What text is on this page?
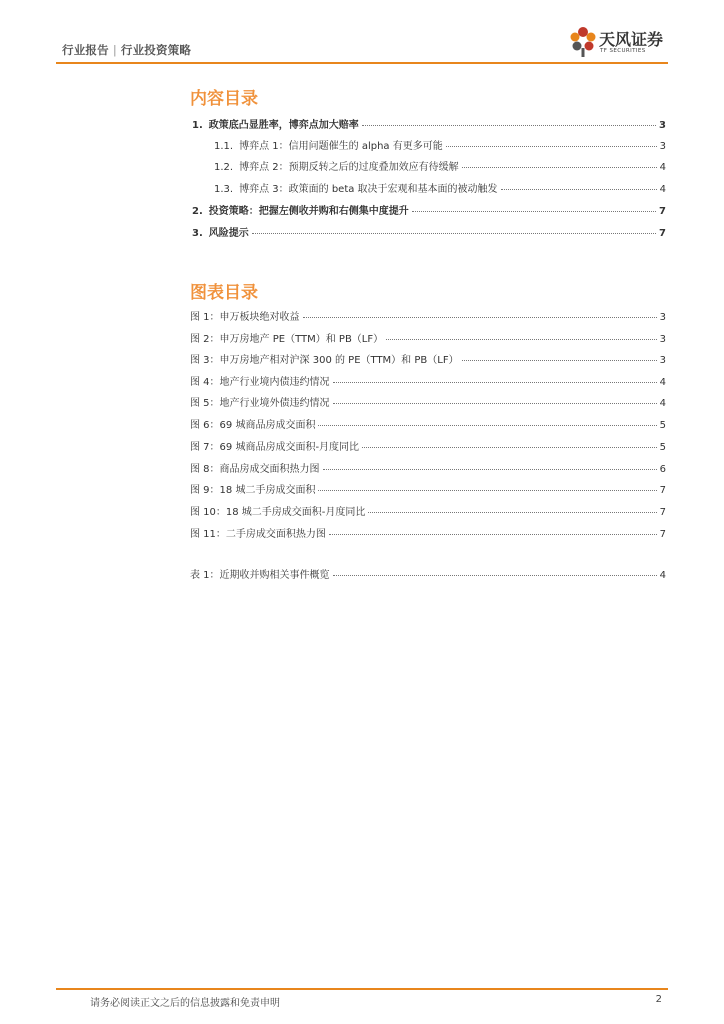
行业报告 | 行业投资策略
天风证券
TF SECURITIES
内容目录
1. 政策底凸显胜率，博弈点加大赔率	3
1.1. 博弈点 1：信用问题催生的 alpha 有更多可能	3
1.2. 博弈点 2：预期反转之后的过度叠加效应有待缓解	4
1.3. 博弈点 3：政策面的 beta 取决于宏观和基本面的被动触发	4
2. 投资策略：把握左侧收并购和右侧集中度提升	7
3. 风险提示	7
图表目录
图 1：申万板块绝对收益	3
图 2：申万房地产 PE（TTM）和 PB（LF）	3
图 3：申万房地产相对沪深 300 的 PE（TTM）和 PB（LF）	3
图 4：地产行业境内债违约情况	4
图 5：地产行业境外债违约情况	4
图 6：69 城商品房成交面积	5
图 7：69 城商品房成交面积-月度同比	5
图 8：商品房成交面积热力图	6
图 9：18 城二手房成交面积	7
图 10：18 城二手房成交面积-月度同比	7
图 11：二手房成交面积热力图	7
表 1：近期收并购相关事件概览	4
请务必阅读正文之后的信息披露和免责申明	2
